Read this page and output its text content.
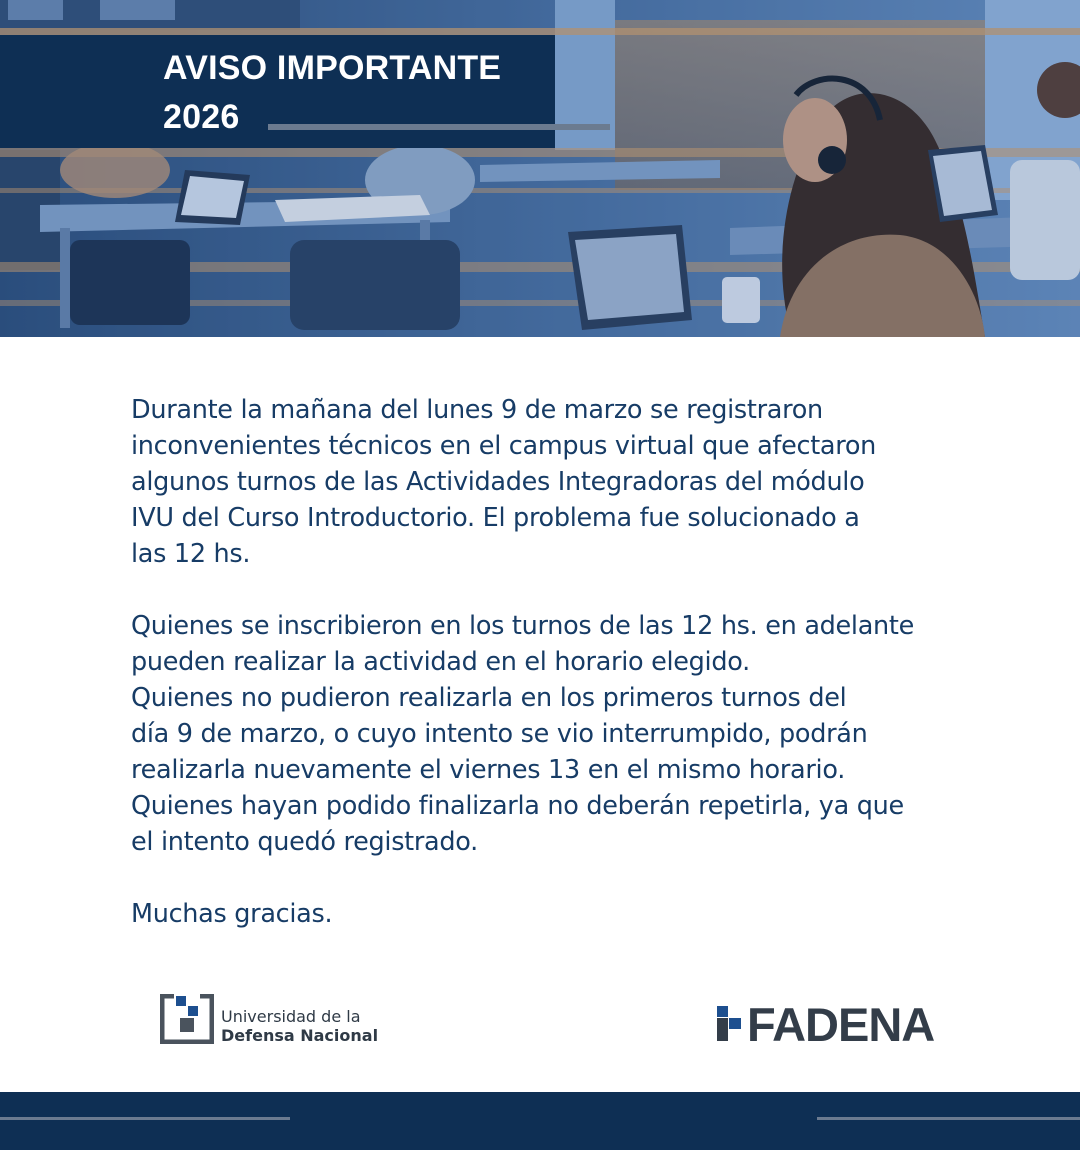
AVISO IMPORTANTE
2026

Durante la mañana del lunes 9 de marzo se registraron

inconvenientes técnicos en el campus virtual que afectaron

algunos turnos de las Actividades Integradoras del módulo

IVU del Curso Introductorio. El problema fue solucionado a

las 12 hs.

Quienes se inscribieron en los turnos de las 12 hs. en adelante

pueden realizar la actividad en el horario elegido.

Quienes no pudieron realizarla en los primeros turnos del

día 9 de marzo, o cuyo intento se vio interrumpido, podrán

realizarla nuevamente el viernes 13 en el mismo horario.

Quienes hayan podido finalizarla no deberán repetirla, ya que

el intento quedó registrado.

Muchas gracias.

Universidad de la
Defensa Nacional	FADENA
